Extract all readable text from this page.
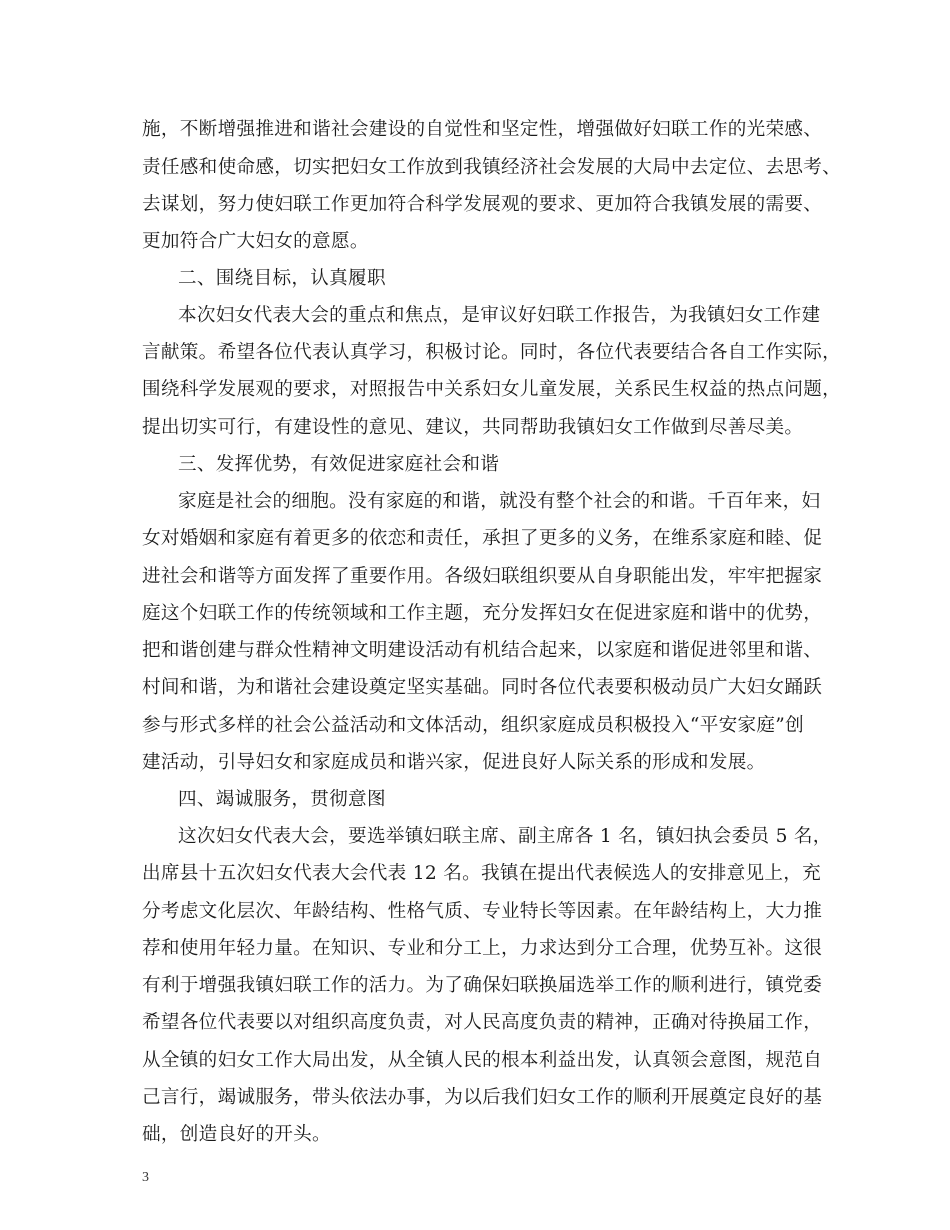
施，不断增强推进和谐社会建设的自觉性和坚定性，增强做好妇联工作的光荣感、
责任感和使命感，切实把妇女工作放到我镇经济社会发展的大局中去定位、去思考、
去谋划，努力使妇联工作更加符合科学发展观的要求、更加符合我镇发展的需要、
更加符合广大妇女的意愿。
二、围绕目标，认真履职
本次妇女代表大会的重点和焦点，是审议好妇联工作报告，为我镇妇女工作建
言献策。希望各位代表认真学习，积极讨论。同时，各位代表要结合各自工作实际，
围绕科学发展观的要求，对照报告中关系妇女儿童发展，关系民生权益的热点问题，
提出切实可行，有建设性的意见、建议，共同帮助我镇妇女工作做到尽善尽美。
三、发挥优势，有效促进家庭社会和谐
家庭是社会的细胞。没有家庭的和谐，就没有整个社会的和谐。千百年来，妇
女对婚姻和家庭有着更多的依恋和责任，承担了更多的义务，在维系家庭和睦、促
进社会和谐等方面发挥了重要作用。各级妇联组织要从自身职能出发，牢牢把握家
庭这个妇联工作的传统领域和工作主题，充分发挥妇女在促进家庭和谐中的优势，
把和谐创建与群众性精神文明建设活动有机结合起来，以家庭和谐促进邻里和谐、
村间和谐，为和谐社会建设奠定坚实基础。同时各位代表要积极动员广大妇女踊跃
参与形式多样的社会公益活动和文体活动，组织家庭成员积极投入“平安家庭”创
建活动，引导妇女和家庭成员和谐兴家，促进良好人际关系的形成和发展。
四、竭诚服务，贯彻意图
这次妇女代表大会，要选举镇妇联主席、副主席各 1 名，镇妇执会委员 5 名，
出席县十五次妇女代表大会代表 12 名。我镇在提出代表候选人的安排意见上，充
分考虑文化层次、年龄结构、性格气质、专业特长等因素。在年龄结构上，大力推
荐和使用年轻力量。在知识、专业和分工上，力求达到分工合理，优势互补。这很
有利于增强我镇妇联工作的活力。为了确保妇联换届选举工作的顺利进行，镇党委
希望各位代表要以对组织高度负责，对人民高度负责的精神，正确对待换届工作，
从全镇的妇女工作大局出发，从全镇人民的根本利益出发，认真领会意图，规范自
己言行，竭诚服务，带头依法办事，为以后我们妇女工作的顺利开展奠定良好的基
础，创造良好的开头。
3
